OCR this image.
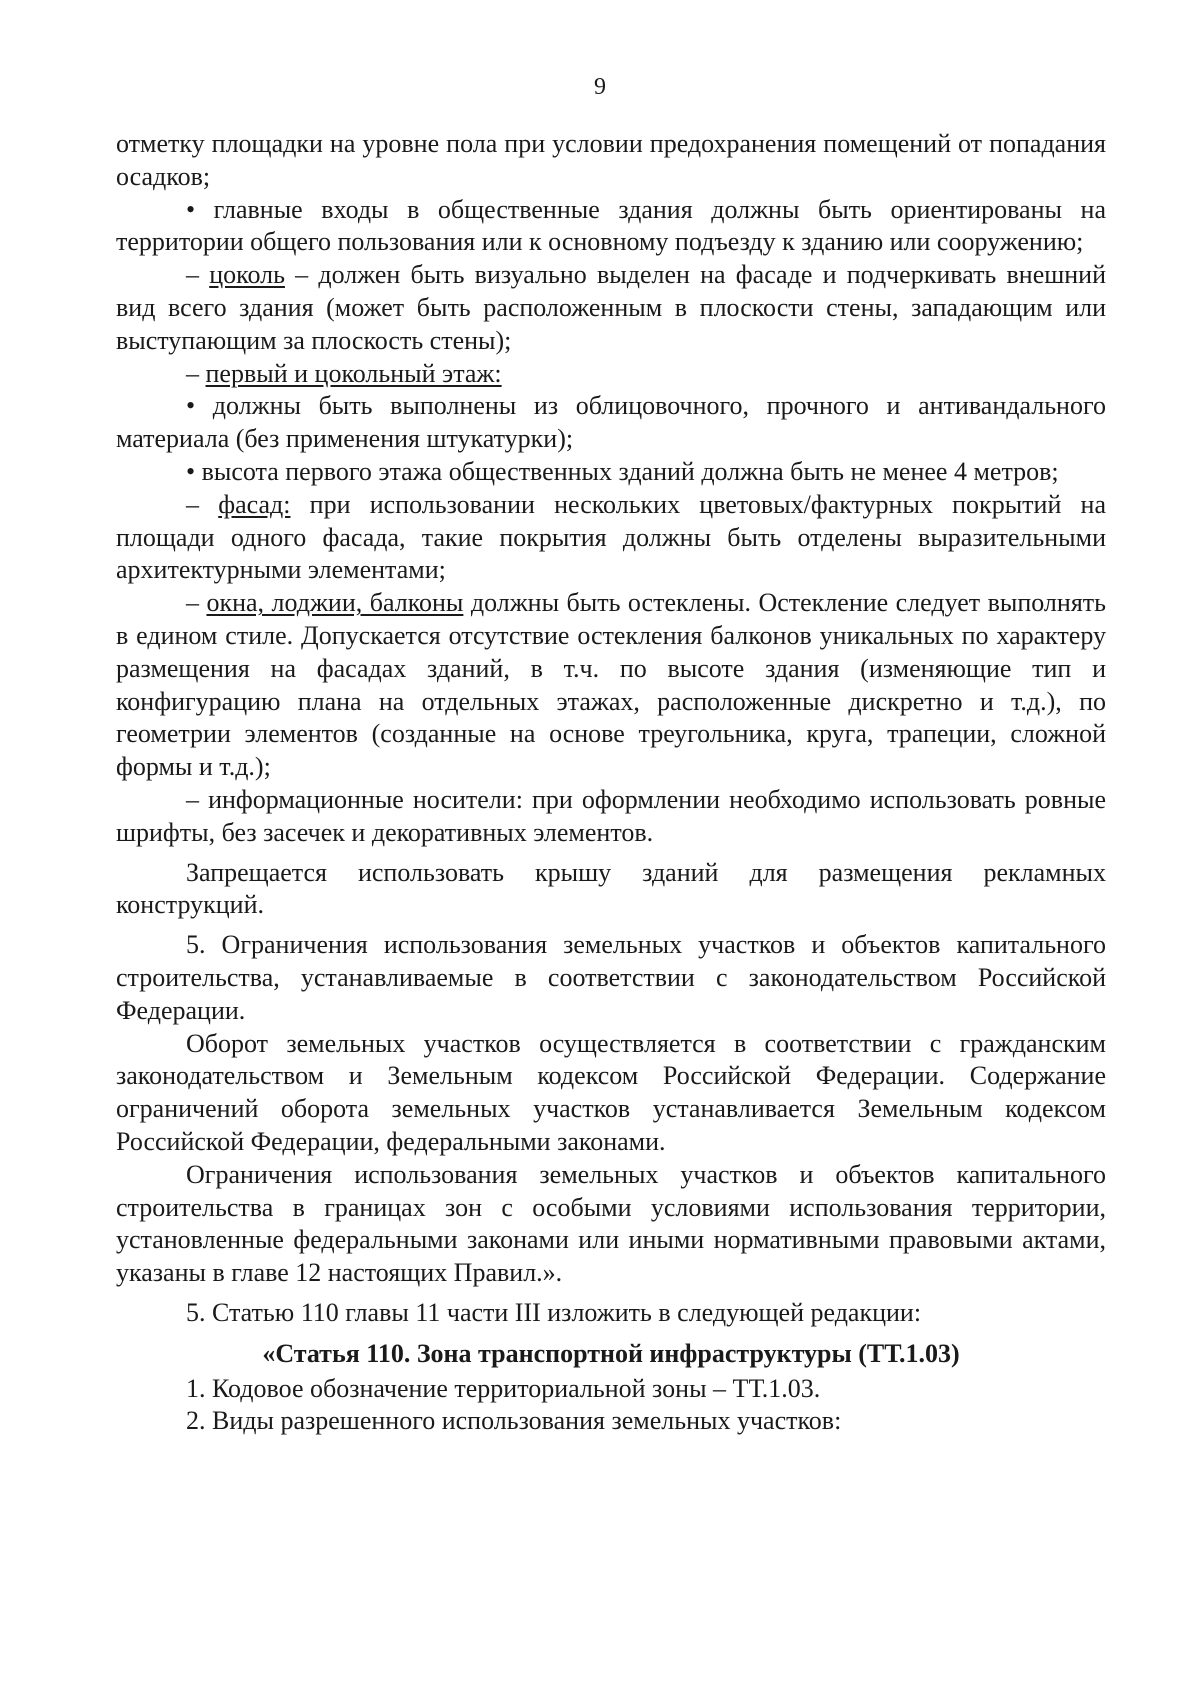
9

отметку площадки на уровне пола при условии предохранения помещений от попадания осадков;

• главные входы в общественные здания должны быть ориентированы на территории общего пользования или к основному подъезду к зданию или сооружению;

– цоколь – должен быть визуально выделен на фасаде и подчеркивать внешний вид всего здания (может быть расположенным в плоскости стены, западающим или выступающим за плоскость стены);

– первый и цокольный этаж:

• должны быть выполнены из облицовочного, прочного и антивандального материала (без применения штукатурки);

• высота первого этажа общественных зданий должна быть не менее 4 метров;

– фасад: при использовании нескольких цветовых/фактурных покрытий на площади одного фасада, такие покрытия должны быть отделены выразительными архитектурными элементами;

– окна, лоджии, балконы должны быть остеклены. Остекление следует выполнять в едином стиле. Допускается отсутствие остекления балконов уникальных по характеру размещения на фасадах зданий, в т.ч. по высоте здания (изменяющие тип и конфигурацию плана на отдельных этажах, расположенные дискретно и т.д.), по геометрии элементов (созданные на основе треугольника, круга, трапеции, сложной формы и т.д.);

– информационные носители: при оформлении необходимо использовать ровные шрифты, без засечек и декоративных элементов.

Запрещается использовать крышу зданий для размещения рекламных конструкций.

5. Ограничения использования земельных участков и объектов капитального строительства, устанавливаемые в соответствии с законодательством Российской Федерации.

Оборот земельных участков осуществляется в соответствии с гражданским законодательством и Земельным кодексом Российской Федерации. Содержание ограничений оборота земельных участков устанавливается Земельным кодексом Российской Федерации, федеральными законами.

Ограничения использования земельных участков и объектов капитального строительства в границах зон с особыми условиями использования территории, установленные федеральными законами или иными нормативными правовыми актами, указаны в главе 12 настоящих Правил.».

5. Статью 110 главы 11 части III изложить в следующей редакции:

«Статья 110. Зона транспортной инфраструктуры (ТТ.1.03)

1. Кодовое обозначение территориальной зоны – ТТ.1.03.

2. Виды разрешенного использования земельных участков:
